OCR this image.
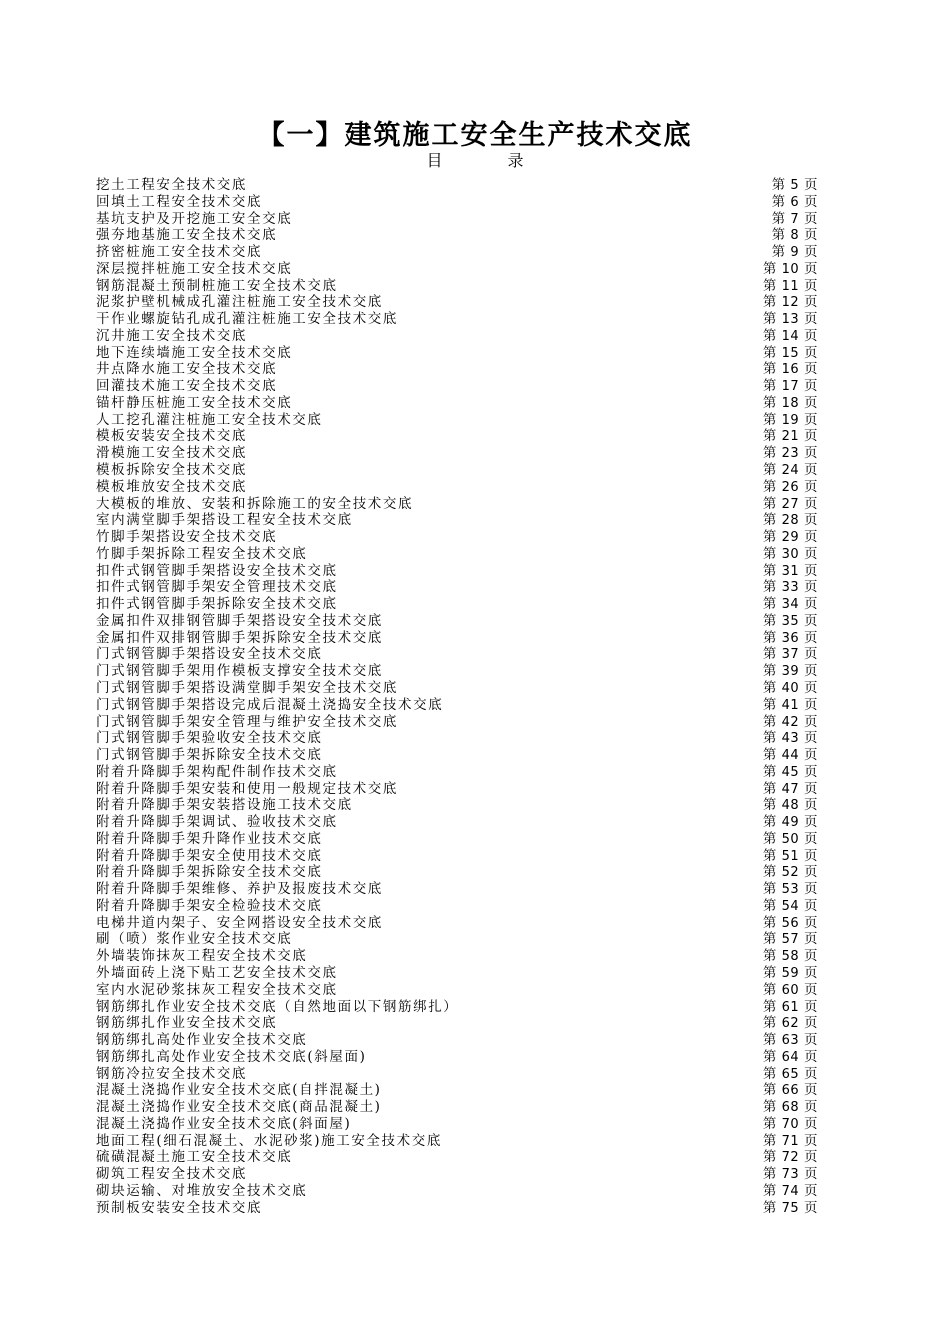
【一】建筑施工安全生产技术交底
目 录
挖土工程安全技术交底	第 5 页
回填土工程安全技术交底	第 6 页
基坑支护及开挖施工安全交底	第 7 页
强夯地基施工安全技术交底	第 8 页
挤密桩施工安全技术交底	第 9 页
深层搅拌桩施工安全技术交底	第 10 页
钢筋混凝土预制桩施工安全技术交底	第 11 页
泥浆护壁机械成孔灌注桩施工安全技术交底	第 12 页
干作业螺旋钻孔成孔灌注桩施工安全技术交底	第 13 页
沉井施工安全技术交底	第 14 页
地下连续墙施工安全技术交底	第 15 页
井点降水施工安全技术交底	第 16 页
回灌技术施工安全技术交底	第 17 页
锚杆静压桩施工安全技术交底	第 18 页
人工挖孔灌注桩施工安全技术交底	第 19 页
模板安装安全技术交底	第 21 页
滑模施工安全技术交底	第 23 页
模板拆除安全技术交底	第 24 页
模板堆放安全技术交底	第 26 页
大模板的堆放、安装和拆除施工的安全技术交底	第 27 页
室内满堂脚手架搭设工程安全技术交底	第 28 页
竹脚手架搭设安全技术交底	第 29 页
竹脚手架拆除工程安全技术交底	第 30 页
扣件式钢管脚手架搭设安全技术交底	第 31 页
扣件式钢管脚手架安全管理技术交底	第 33 页
扣件式钢管脚手架拆除安全技术交底	第 34 页
金属扣件双排钢管脚手架搭设安全技术交底	第 35 页
金属扣件双排钢管脚手架拆除安全技术交底	第 36 页
门式钢管脚手架搭设安全技术交底	第 37 页
门式钢管脚手架用作模板支撑安全技术交底	第 39 页
门式钢管脚手架搭设满堂脚手架安全技术交底	第 40 页
门式钢管脚手架搭设完成后混凝土浇捣安全技术交底	第 41 页
门式钢管脚手架安全管理与维护安全技术交底	第 42 页
门式钢管脚手架验收安全技术交底	第 43 页
门式钢管脚手架拆除安全技术交底	第 44 页
附着升降脚手架构配件制作技术交底	第 45 页
附着升降脚手架安装和使用一般规定技术交底	第 47 页
附着升降脚手架安装搭设施工技术交底	第 48 页
附着升降脚手架调试、验收技术交底	第 49 页
附着升降脚手架升降作业技术交底	第 50 页
附着升降脚手架安全使用技术交底	第 51 页
附着升降脚手架拆除安全技术交底	第 52 页
附着升降脚手架维修、养护及报废技术交底	第 53 页
附着升降脚手架安全检验技术交底	第 54 页
电梯井道内架子、安全网搭设安全技术交底	第 56 页
刷（喷）浆作业安全技术交底	第 57 页
外墙装饰抹灰工程安全技术交底	第 58 页
外墙面砖上浇下贴工艺安全技术交底	第 59 页
室内水泥砂浆抹灰工程安全技术交底	第 60 页
钢筋绑扎作业安全技术交底（自然地面以下钢筋绑扎）	第 61 页
钢筋绑扎作业安全技术交底	第 62 页
钢筋绑扎高处作业安全技术交底	第 63 页
钢筋绑扎高处作业安全技术交底(斜屋面)	第 64 页
钢筋冷拉安全技术交底	第 65 页
混凝土浇捣作业安全技术交底(自拌混凝土)	第 66 页
混凝土浇捣作业安全技术交底(商品混凝土)	第 68 页
混凝土浇捣作业安全技术交底(斜面屋)	第 70 页
地面工程(细石混凝土、水泥砂浆)施工安全技术交底	第 71 页
硫磺混凝土施工安全技术交底	第 72 页
砌筑工程安全技术交底	第 73 页
砌块运输、对堆放安全技术交底	第 74 页
预制板安装安全技术交底	第 75 页
